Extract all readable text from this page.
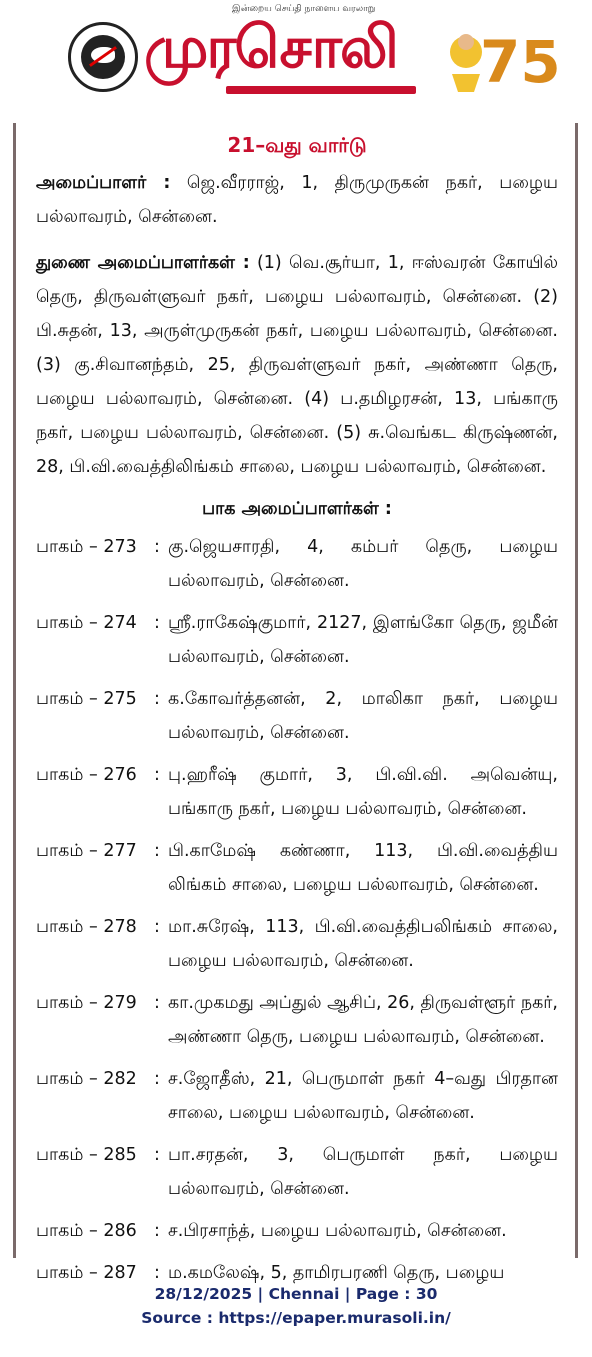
இன்றைய செய்தி நாளைய வரலாறு
முரசொலி 75
21–வது வார்டு

அமைப்பாளர் : ஜெ.வீரராஜ், 1, திருமுருகன் நகர், பழைய பல்லாவரம், சென்னை.

துணை அமைப்பாளர்கள் : (1) வெ.சூர்யா, 1, ஈஸ்வரன் கோயில் தெரு, திருவள்ளுவர் நகர், பழைய பல்லாவரம், சென்னை. (2) பி.சுதன், 13, அருள்முருகன் நகர், பழைய பல்லாவரம், சென்னை. (3) கு.சிவானந்தம், 25, திருவள்ளுவர் நகர், அண்ணா தெரு, பழைய பல்லாவரம், சென்னை. (4) ப.தமிழரசன், 13, பங்காரு நகர், பழைய பல்லாவரம், சென்னை. (5) சு.வெங்கட கிருஷ்ணன், 28, பி.வி.வைத்திலிங்கம் சாலை, பழைய பல்லாவரம், சென்னை.

பாக அமைப்பாளர்கள் :
பாகம் – 273 : கு.ஜெயசாரதி, 4, கம்பர் தெரு, பழைய பல்லாவரம், சென்னை.
பாகம் – 274 : ஸ்ரீ.ராகேஷ்குமார், 2127, இளங்கோ தெரு, ஜமீன் பல்லாவரம், சென்னை.
பாகம் – 275 : க.கோவர்த்தனன், 2, மாலிகா நகர், பழைய பல்லாவரம், சென்னை.
பாகம் – 276 : பு.ஹரீஷ் குமார், 3, பி.வி.வி. அவென்யு, பங்காரு நகர், பழைய பல்லாவரம், சென்னை.
பாகம் – 277 : பி.காமேஷ் கண்ணா, 113, பி.வி.வைத்திய லிங்கம் சாலை, பழைய பல்லாவரம், சென்னை.
பாகம் – 278 : மா.சுரேஷ், 113, பி.வி.வைத்திபலிங்கம் சாலை, பழைய பல்லாவரம், சென்னை.
பாகம் – 279 : கா.முகமது அப்துல் ஆசிப், 26, திருவள்ளூர் நகர், அண்ணா தெரு, பழைய பல்லாவரம், சென்னை.
பாகம் – 282 : ச.ஜோதீஸ், 21, பெருமாள் நகர் 4–வது பிரதான சாலை, பழைய பல்லாவரம், சென்னை.
பாகம் – 285 : பா.சரதன், 3, பெருமாள் நகர், பழைய பல்லாவரம், சென்னை.
பாகம் – 286 : ச.பிரசாந்த், பழைய பல்லாவரம், சென்னை.
பாகம் – 287 : ம.கமலேஷ், 5, தாமிரபரணி தெரு, பழைய
28/12/2025 | Chennai | Page : 30
Source : https://epaper.murasoli.in/
